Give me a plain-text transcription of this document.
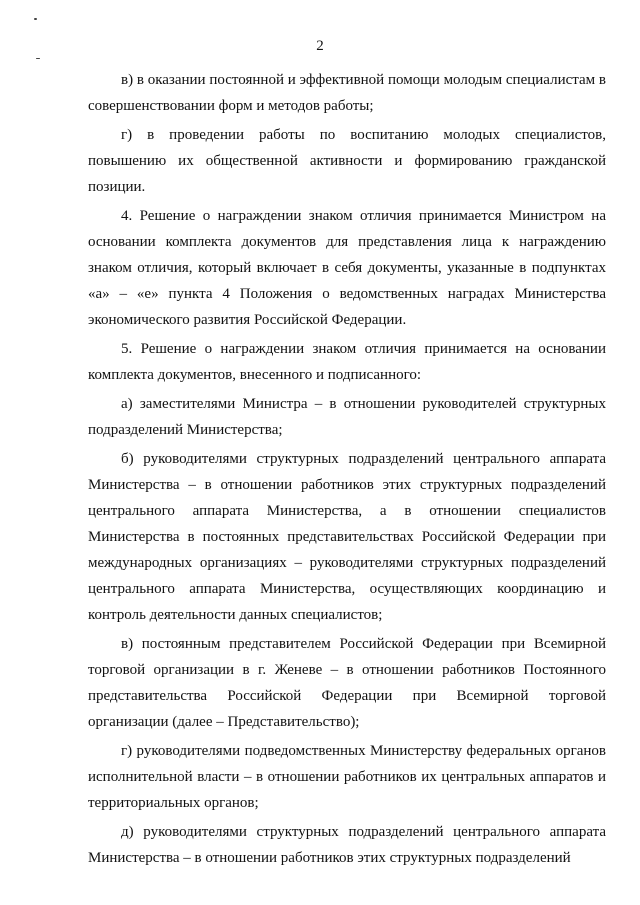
2

в) в оказании постоянной и эффективной помощи молодым специалистам в совершенствовании форм и методов работы;

г) в проведении работы по воспитанию молодых специалистов, повышению их общественной активности и формированию гражданской позиции.

4. Решение о награждении знаком отличия принимается Министром на основании комплекта документов для представления лица к награждению знаком отличия, который включает в себя документы, указанные в подпунктах «а» – «е» пункта 4 Положения о ведомственных наградах Министерства экономического развития Российской Федерации.

5. Решение о награждении знаком отличия принимается на основании комплекта документов, внесенного и подписанного:

а) заместителями Министра – в отношении руководителей структурных подразделений Министерства;

б) руководителями структурных подразделений центрального аппарата Министерства – в отношении работников этих структурных подразделений центрального аппарата Министерства, а в отношении специалистов Министерства в постоянных представительствах Российской Федерации при международных организациях – руководителями структурных подразделений центрального аппарата Министерства, осуществляющих координацию и контроль деятельности данных специалистов;

в) постоянным представителем Российской Федерации при Всемирной торговой организации в г. Женеве – в отношении работников Постоянного представительства Российской Федерации при Всемирной торговой организации (далее – Представительство);

г) руководителями подведомственных Министерству федеральных органов исполнительной власти – в отношении работников их центральных аппаратов и территориальных органов;

д) руководителями структурных подразделений центрального аппарата Министерства – в отношении работников этих структурных подразделений
